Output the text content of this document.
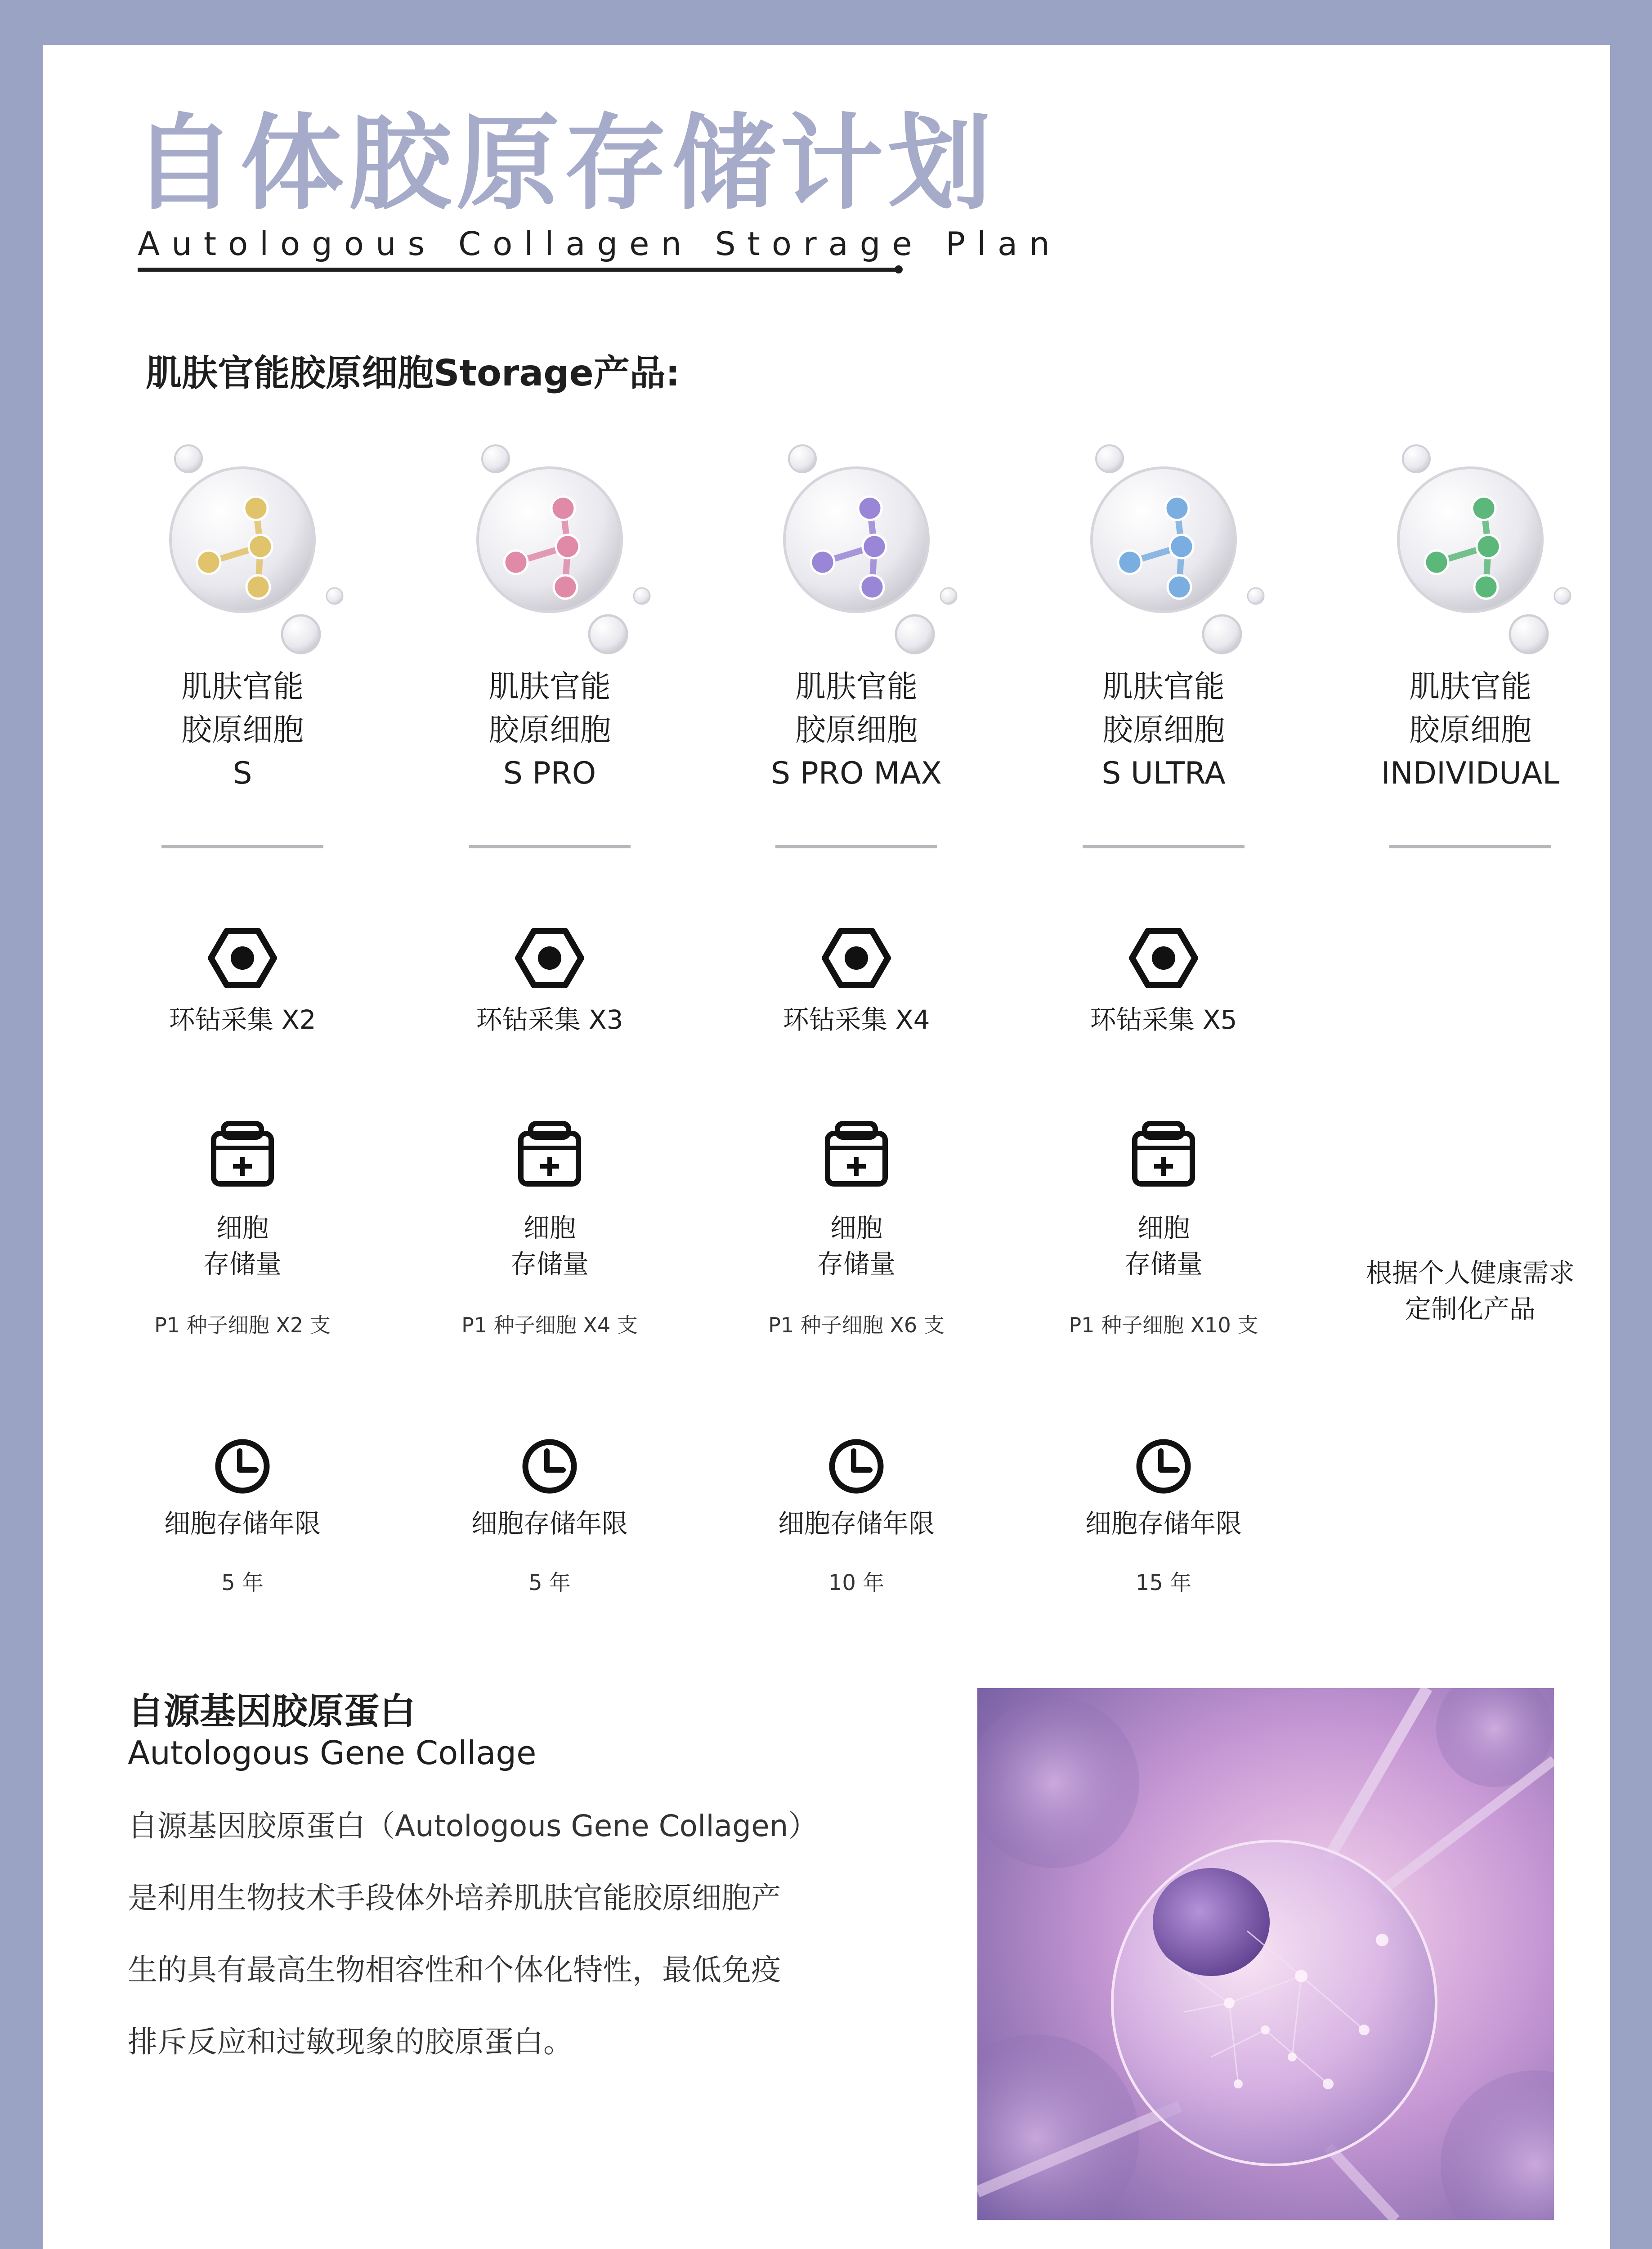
自体胶原存储计划
Autologous Collagen Storage Plan
肌肤官能胶原细胞Storage产品:
肌肤官能
胶原细胞
S
环钻采集 X2
细胞
存储量
P1 种子细胞 X2 支
细胞存储年限
5 年
肌肤官能
胶原细胞
S PRO
环钻采集 X3
细胞
存储量
P1 种子细胞 X4 支
细胞存储年限
5 年
肌肤官能
胶原细胞
S PRO MAX
环钻采集 X4
细胞
存储量
P1 种子细胞 X6 支
细胞存储年限
10 年
肌肤官能
胶原细胞
S ULTRA
环钻采集 X5
细胞
存储量
P1 种子细胞 X10 支
细胞存储年限
15 年
肌肤官能
胶原细胞
INDIVIDUAL
根据个人健康需求
定制化产品
自源基因胶原蛋白
Autologous Gene Collage
自源基因胶原蛋白（Autologous Gene Collagen）
是利用生物技术手段体外培养肌肤官能胶原细胞产
生的具有最高生物相容性和个体化特性，最低免疫
排斥反应和过敏现象的胶原蛋白。
